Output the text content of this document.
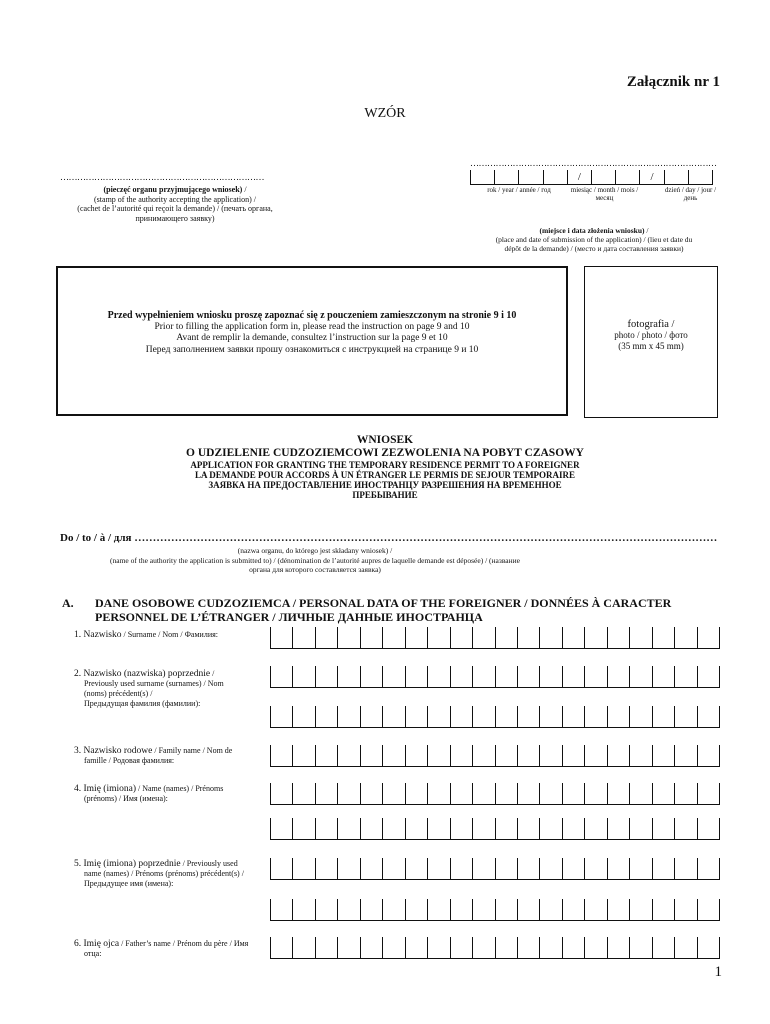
Załącznik nr 1
WZÓR
………………………………………………………………
(pieczęć organu przyjmującego wniosek) /
(stamp of the authority accepting the application) /
(cachet de l’autorité qui reçoit la demande) / (печать органа,
принимающего заявку)
……………………………………………………………………………
/	/
rok / year / année / год	miesiąc / month / mois / месяц
dzień / day / jour / день
(miejsce i data złożenia wniosku) /
(place and date of submission of the application) / (lieu et date du
dépôt de la demande) / (место и дата составления заявки)
Przed wypełnieniem wniosku proszę zapoznać się z pouczeniem zamieszczonym na stronie 9 i 10
Prior to filling the application form in, please read the instruction on page 9 and 10
Avant de remplir la demande, consultez l’instruction sur la page 9 et 10
Перед заполнением заявки прошу ознакомиться с инструкцией на странице 9 и 10
fotografia /
photo / photo / фото
(35 mm x 45 mm)
WNIOSEK
O UDZIELENIE CUDZOZIEMCOWI ZEZWOLENIA NA POBYT CZASOWY
APPLICATION FOR GRANTING THE TEMPORARY RESIDENCE PERMIT TO A FOREIGNER
LA DEMANDE POUR ACCORDS À UN ÉTRANGER LE PERMIS DE SEJOUR TEMPORAIRE
ЗАЯВКА НА ПРЕДОСТАВЛЕНИЕ ИНОСТРАНЦУ РАЗРЕШЕНИЯ НА ВРЕМЕННОЕ
ПРЕБЫВАНИЕ
Do / to / à / для ……………………………………………………………………………………………………………………………………………
(nazwa organu, do którego jest składany wniosek) /
(name of the authority the application is submitted to) / (dénomination de l’autorité aupres de laquelle demande est déposée) / (название
органа для которого составляется заявка)
A. DANE OSOBOWE CUDZOZIEMCA / PERSONAL DATA OF THE FOREIGNER / DONNÉES À CARACTER
PERSONNEL DE L’ÉTRANGER / ЛИЧНЫЕ ДАННЫЕ ИНОСТРАНЦА
1. Nazwisko / Surname / Nom / Фамилия:
2. Nazwisko (nazwiska) poprzednie /
Previously used surname (surnames) / Nom
(noms) précédent(s) /
Предыдущая фамилия (фамилии):
3. Nazwisko rodowe / Family name / Nom de
famille / Родовая фамилия:
4. Imię (imiona) / Name (names) / Prénoms
(prénoms) / Имя (имена):
5. Imię (imiona) poprzednie / Previously used
name (names) / Prénoms (prénoms) précédent(s) /
Предыдущее имя (имена):
6. Imię ojca / Father’s name / Prénom du père / Имя
отца:
1
